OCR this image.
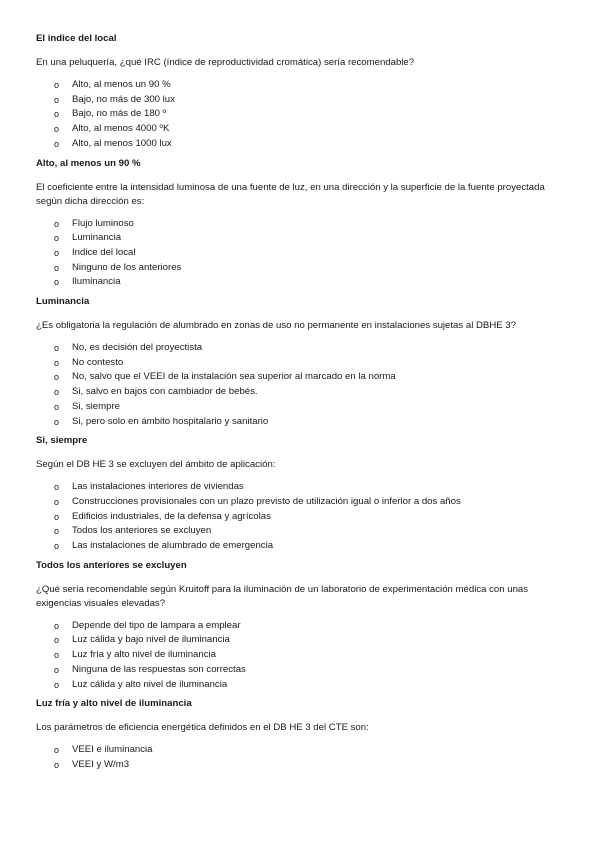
El indice del local

En una peluquería, ¿qué IRC (índice de reproductividad cromática) sería recomendable?

o Alto, al menos un 90 %
o Bajo, no más de 300 lux
o Bajo, no más de 180 º
o Alto, al menos 4000 ºK
o Alto, al menos 1000 lux

Alto, al menos un 90 %

El coeficiente entre la intensidad luminosa de una fuente de luz, en una dirección y la superficie de la fuente proyectada según dicha dirección es:

o Flujo luminoso
o Luminancia
o Indice del local
o Ninguno de los anteriores
o Iluminancia

Luminancia

¿Es obligatoria la regulación de alumbrado en zonas de uso no permanente en instalaciones sujetas al DBHE 3?

o No, es decisión del proyectista
o No contesto
o No, salvo que el VEEI de la instalación sea superior al marcado en la norma
o Si, salvo en bajos con cambiador de bebés.
o Si, siempre
o Si, pero solo en ámbito hospitalario y sanitario

Si, siempre

Según el DB HE 3 se excluyen del ámbito de aplicación:

o Las instalaciones interiores de viviendas
o Construcciones provisionales con un plazo previsto de utilización igual o inferior a dos años
o Edificios industriales, de la defensa y agrícolas
o Todos los anteriores se excluyen
o Las instalaciones de alumbrado de emergencia

Todos los anteriores se excluyen

¿Qué sería recomendable según Kruitoff para la iluminación de un laboratorio de experimentación médica con unas exigencias visuales elevadas?

o Depende del tipo de lampara a emplear
o Luz cálida y bajo nivel de iluminancia
o Luz fría y alto nivel de iluminancia
o Ninguna de las respuestas son correctas
o Luz cálida y alto nivel de iluminancia

Luz fría y alto nivel de iluminancia

Los parámetros de eficiencia energética definidos en el DB HE 3 del CTE son:

o VEEI e iluminancia
o VEEI y W/m3
